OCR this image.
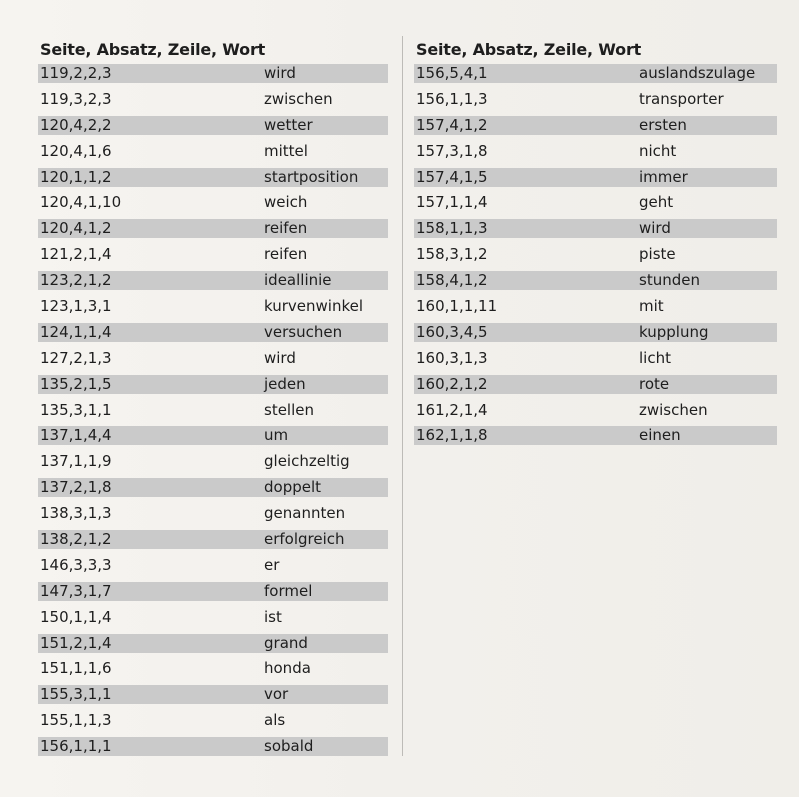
Seite, Absatz, Zeile, Wort
119,2,2,3	wird
119,3,2,3	zwischen
120,4,2,2	wetter
120,4,1,6	mittel
120,1,1,2	startposition
120,4,1,10	weich
120,4,1,2	reifen
121,2,1,4	reifen
123,2,1,2	ideallinie
123,1,3,1	kurvenwinkel
124,1,1,4	versuchen
127,2,1,3	wird
135,2,1,5	jeden
135,3,1,1	stellen
137,1,4,4	um
137,1,1,9	gleichzeltig
137,2,1,8	doppelt
138,3,1,3	genannten
138,2,1,2	erfolgreich
146,3,3,3	er
147,3,1,7	formel
150,1,1,4	ist
151,2,1,4	grand
151,1,1,6	honda
155,3,1,1	vor
155,1,1,3	als
156,1,1,1	sobald
Seite, Absatz, Zeile, Wort
156,5,4,1	auslandszulage
156,1,1,3	transporter
157,4,1,2	ersten
157,3,1,8	nicht
157,4,1,5	immer
157,1,1,4	geht
158,1,1,3	wird
158,3,1,2	piste
158,4,1,2	stunden
160,1,1,11	mit
160,3,4,5	kupplung
160,3,1,3	licht
160,2,1,2	rote
161,2,1,4	zwischen
162,1,1,8	einen
